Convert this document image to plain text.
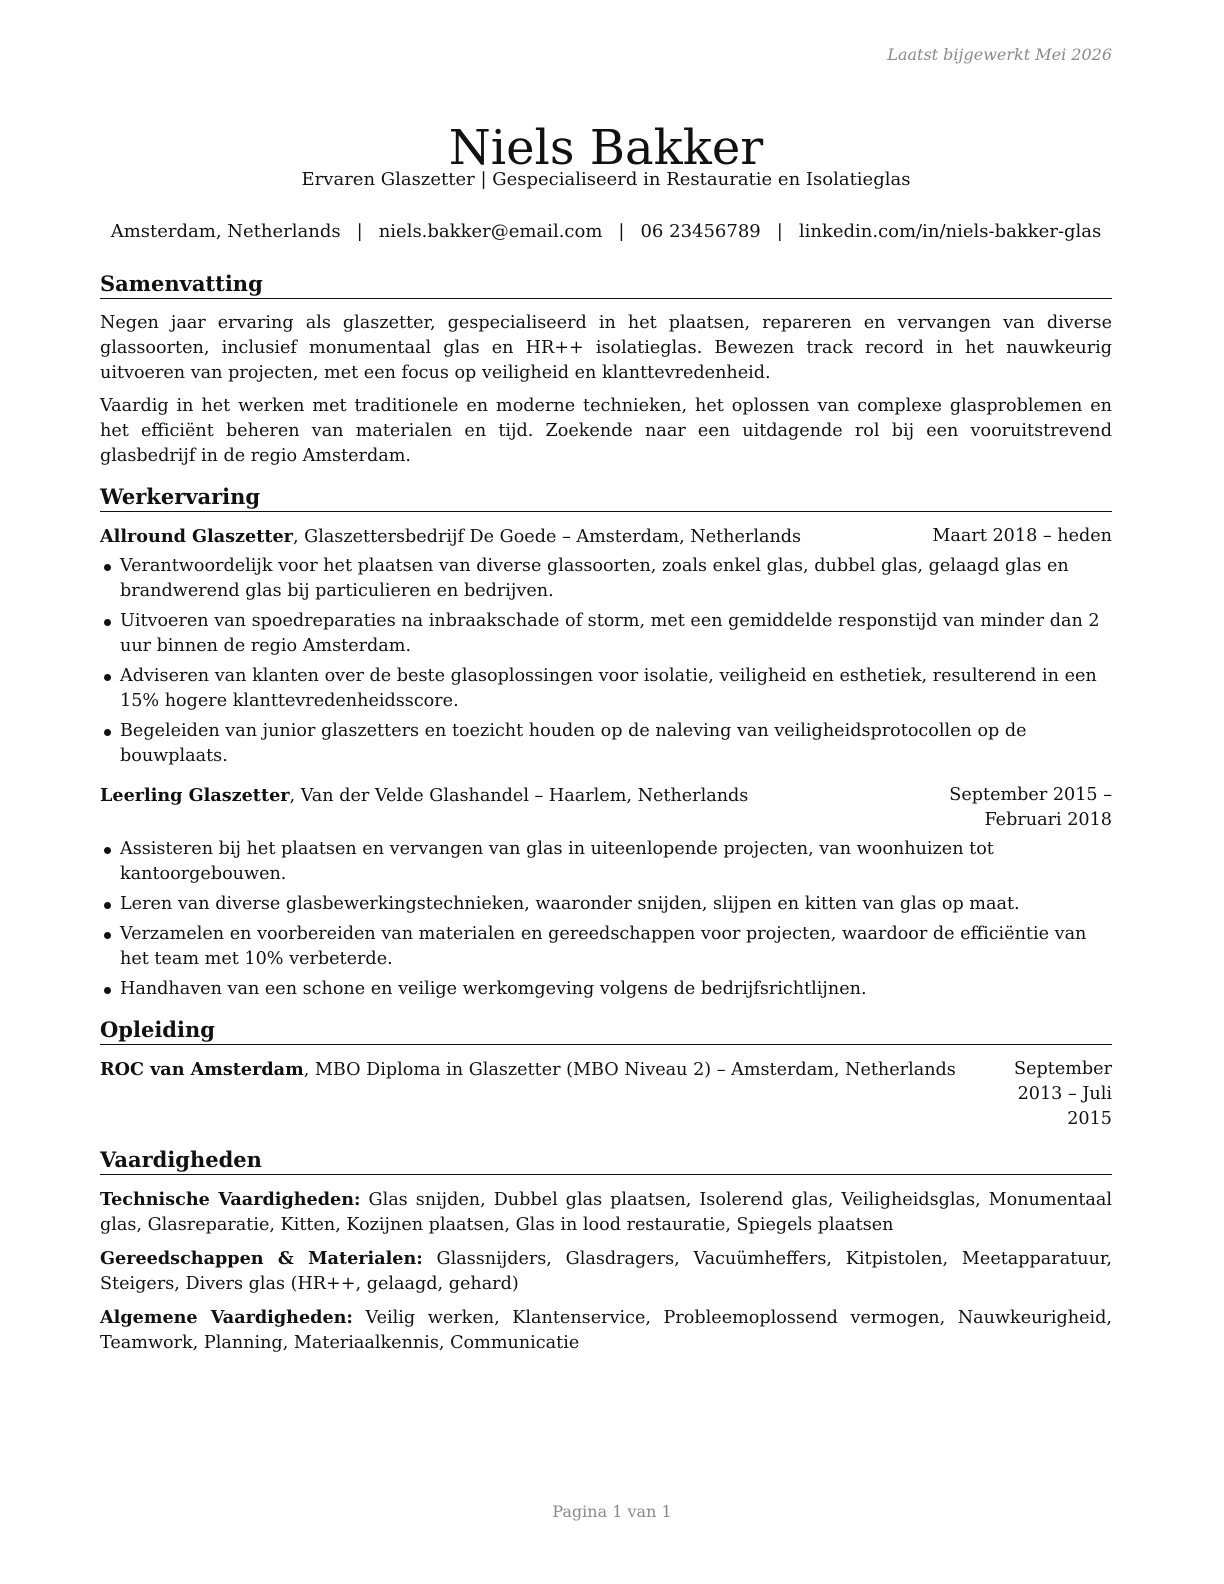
Laatst bijgewerkt Mei 2026
Niels Bakker
Ervaren Glaszetter | Gespecialiseerd in Restauratie en Isolatieglas
Amsterdam, Netherlands | niels.bakker@email.com | 06 23456789 | linkedin.com/in/niels-bakker-glas
Samenvatting

Negen jaar ervaring als glaszetter, gespecialiseerd in het plaatsen, repareren en vervangen van diverse glassoorten, inclusief monumentaal glas en HR++ isolatieglas. Bewezen track record in het nauwkeurig uitvoeren van projecten, met een focus op veiligheid en klanttevredenheid.

Vaardig in het werken met traditionele en moderne technieken, het oplossen van complexe glasproblemen en het efficiënt beheren van materialen en tijd. Zoekende naar een uitdagende rol bij een vooruitstrevend glasbedrijf in de regio Amsterdam.

Werkervaring
Allround Glaszetter, Glaszettersbedrijf De Goede – Amsterdam, Netherlands	Maart 2018 – heden
Verantwoordelijk voor het plaatsen van diverse glassoorten, zoals enkel glas, dubbel glas, gelaagd glas en brandwerend glas bij particulieren en bedrijven.
Uitvoeren van spoedreparaties na inbraakschade of storm, met een gemiddelde responstijd van minder dan 2 uur binnen de regio Amsterdam.
Adviseren van klanten over de beste glasoplossingen voor isolatie, veiligheid en esthetiek, resulterend in een 15% hogere klanttevredenheidsscore.
Begeleiden van junior glaszetters en toezicht houden op de naleving van veiligheidsprotocollen op de bouwplaats.
Leerling Glaszetter, Van der Velde Glashandel – Haarlem, Netherlands	September 2015 – Februari 2018
Assisteren bij het plaatsen en vervangen van glas in uiteenlopende projecten, van woonhuizen tot kantoorgebouwen.
Leren van diverse glasbewerkingstechnieken, waaronder snijden, slijpen en kitten van glas op maat.
Verzamelen en voorbereiden van materialen en gereedschappen voor projecten, waardoor de efficiëntie van het team met 10% verbeterde.
Handhaven van een schone en veilige werkomgeving volgens de bedrijfsrichtlijnen.
Opleiding
ROC van Amsterdam, MBO Diploma in Glaszetter (MBO Niveau 2) – Amsterdam, Netherlands	September 2013 – Juli 2015
Vaardigheden

Technische Vaardigheden: Glas snijden, Dubbel glas plaatsen, Isolerend glas, Veiligheidsglas, Monumentaal glas, Glasreparatie, Kitten, Kozijnen plaatsen, Glas in lood restauratie, Spiegels plaatsen

Gereedschappen & Materialen: Glassnijders, Glasdragers, Vacuümheffers, Kitpistolen, Meetapparatuur, Steigers, Divers glas (HR++, gelaagd, gehard)

Algemene Vaardigheden: Veilig werken, Klantenservice, Probleemoplossend vermogen, Nauwkeurigheid, Teamwork, Planning, Materiaalkennis, Communicatie

Pagina 1 van 1
